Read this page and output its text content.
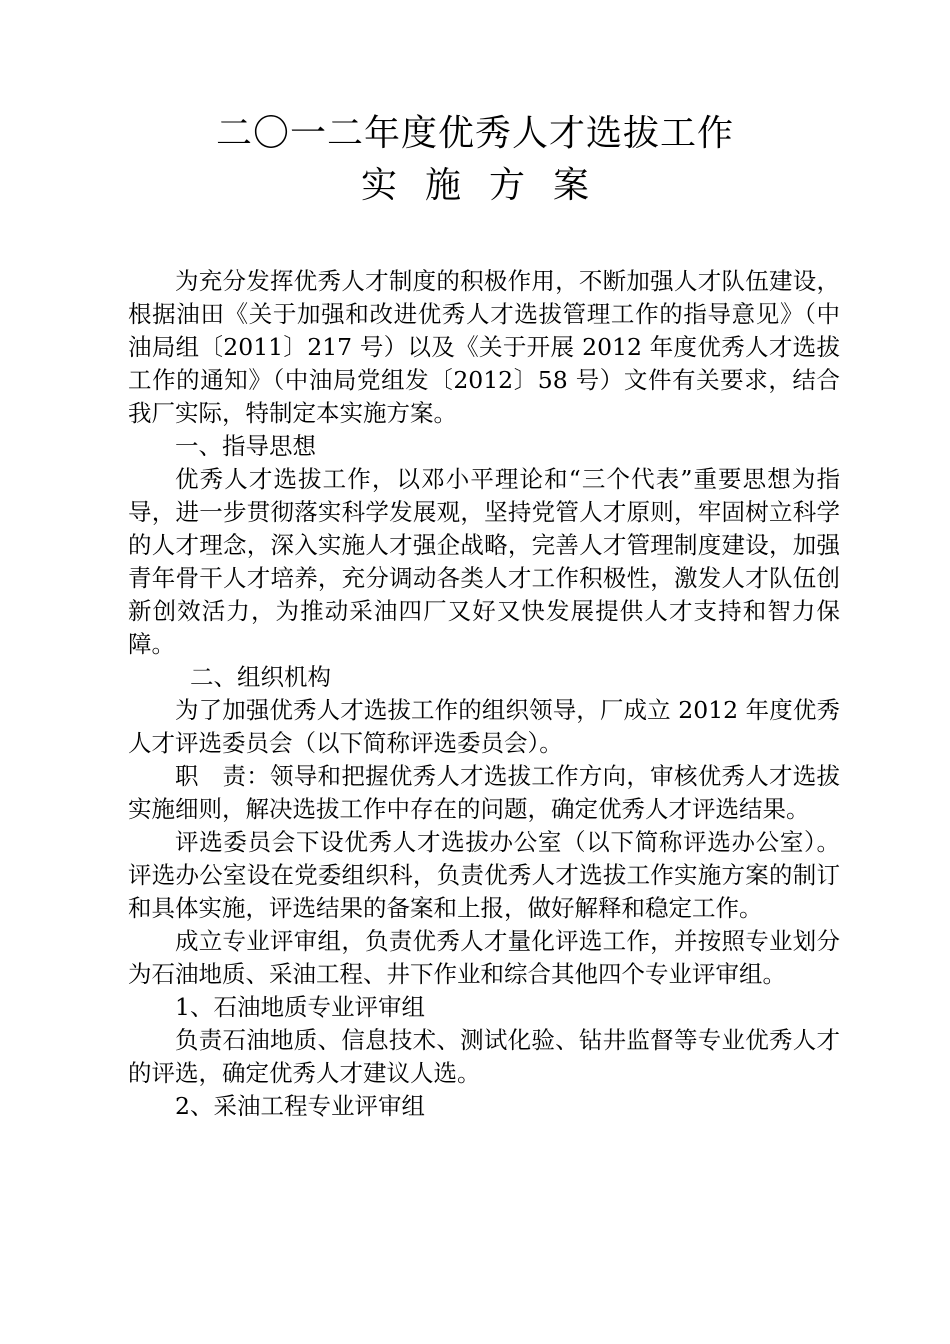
二〇一二年度优秀人才选拔工作
实施方案

为充分发挥优秀人才制度的积极作用，不断加强人才队伍建设，根据油田《关于加强和改进优秀人才选拔管理工作的指导意见》（中油局组〔2011〕217 号）以及《关于开展 2012 年度优秀人才选拔工作的通知》（中油局党组发〔2012〕58 号）文件有关要求，结合我厂实际，特制定本实施方案。

一、指导思想

优秀人才选拔工作，以邓小平理论和“三个代表”重要思想为指导，进一步贯彻落实科学发展观，坚持党管人才原则，牢固树立科学的人才理念，深入实施人才强企战略，完善人才管理制度建设，加强青年骨干人才培养，充分调动各类人才工作积极性，激发人才队伍创新创效活力，为推动采油四厂又好又快发展提供人才支持和智力保障。

二、组织机构

为了加强优秀人才选拔工作的组织领导，厂成立 2012 年度优秀人才评选委员会（以下简称评选委员会）。

职　责：领导和把握优秀人才选拔工作方向，审核优秀人才选拔实施细则，解决选拔工作中存在的问题，确定优秀人才评选结果。

评选委员会下设优秀人才选拔办公室（以下简称评选办公室）。评选办公室设在党委组织科，负责优秀人才选拔工作实施方案的制订和具体实施，评选结果的备案和上报，做好解释和稳定工作。

成立专业评审组，负责优秀人才量化评选工作，并按照专业划分为石油地质、采油工程、井下作业和综合其他四个专业评审组。

1、石油地质专业评审组

负责石油地质、信息技术、测试化验、钻井监督等专业优秀人才的评选，确定优秀人才建议人选。

2、采油工程专业评审组
